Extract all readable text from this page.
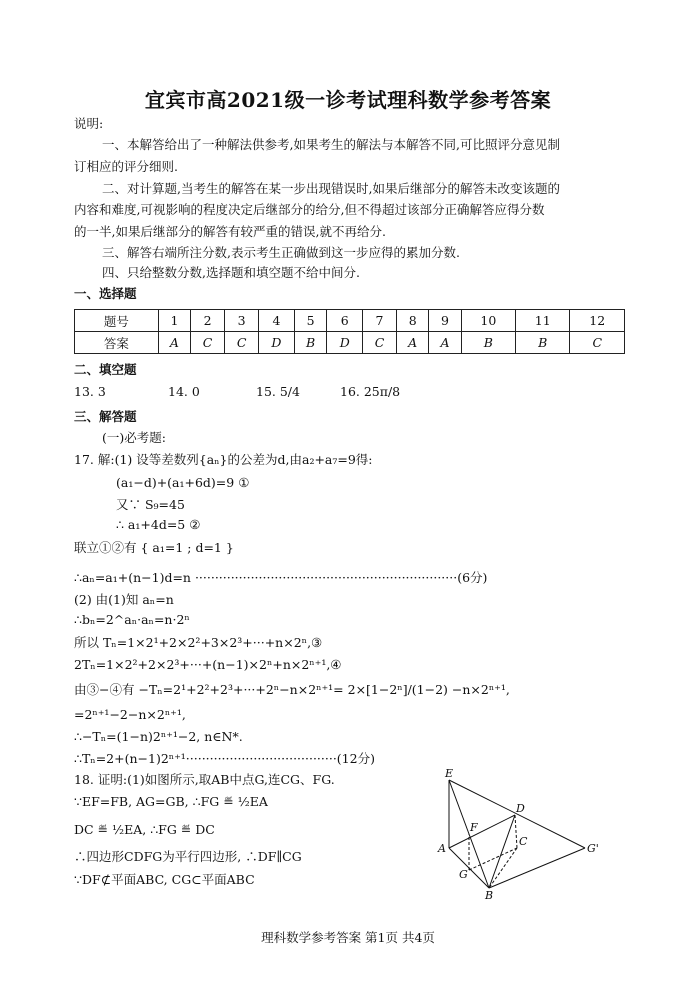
宜宾市高2021级一诊考试理科数学参考答案
说明:
一、本解答给出了一种解法供参考,如果考生的解法与本解答不同,可比照评分意见制
订相应的评分细则.
二、对计算题,当考生的解答在某一步出现错误时,如果后继部分的解答未改变该题的
内容和难度,可视影响的程度决定后继部分的给分,但不得超过该部分正确解答应得分数
的一半,如果后继部分的解答有较严重的错误,就不再给分.
三、解答右端所注分数,表示考生正确做到这一步应得的累加分数.
四、只给整数分数,选择题和填空题不给中间分.
一、选择题
题号	1	2	3	4	5	6	7	8	9	10	11	12
答案	A	C	C	D	B	D	C	A	A	B	B	C
二、填空题
13. 3	14. 0	15. 5/4	16. 25π/8
三、解答题
(一)必考题:
17. 解:(1) 设等差数列{aₙ}的公差为d,由a₂+a₇=9得:
(a₁−d)+(a₁+6d)=9 ①
又∵ S₉=45
∴ a₁+4d=5 ②
联立①②有 { a₁=1 ; d=1 }
∴aₙ=a₁+(n−1)d=n ··································································(6分)
(2) 由(1)知 aₙ=n
∴bₙ=2^aₙ·aₙ=n·2ⁿ
所以 Tₙ=1×2¹+2×2²+3×2³+···+n×2ⁿ,③
2Tₙ=1×2²+2×2³+···+(n−1)×2ⁿ+n×2ⁿ⁺¹,④
由③−④有 −Tₙ=2¹+2²+2³+···+2ⁿ−n×2ⁿ⁺¹= 2×[1−2ⁿ]/(1−2) −n×2ⁿ⁺¹,
=2ⁿ⁺¹−2−n×2ⁿ⁺¹,
∴−Tₙ=(1−n)2ⁿ⁺¹−2, n∈N*.
∴Tₙ=2+(n−1)2ⁿ⁺¹······································(12分)
18. 证明:(1)如图所示,取AB中点G,连CG、FG.
∵EF=FB, AG=GB, ∴FG ≝ ½EA
DC ≝ ½EA, ∴FG ≝ DC
∴四边形CDFG为平行四边形, ∴DF∥CG
∵DF⊄平面ABC, CG⊂平面ABC
E
D
F
A
C
G'
G
B
理科数学参考答案 第1页 共4页
